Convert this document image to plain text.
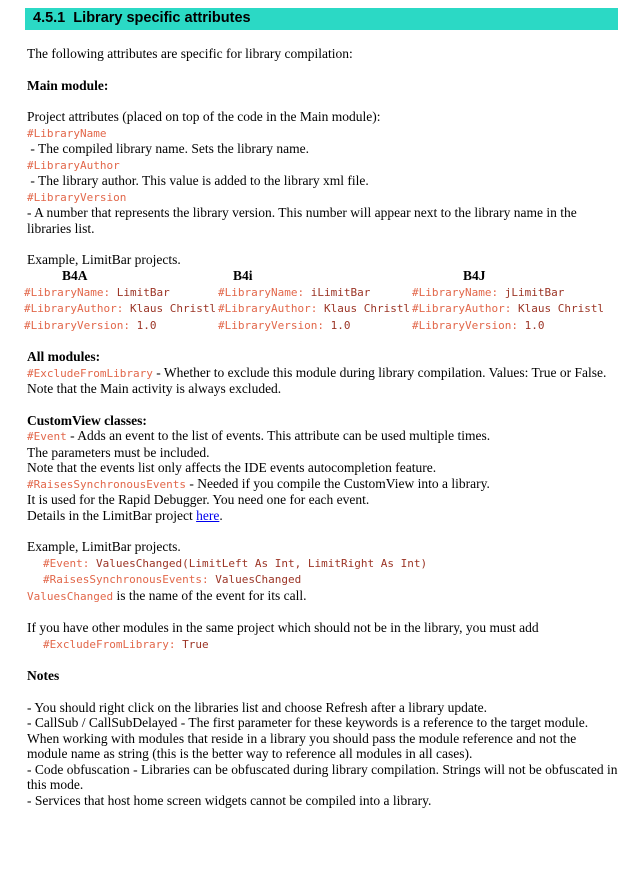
4.5.1  Library specific attributes

The following attributes are specific for library compilation:

Main module:

Project attributes (placed on top of the code in the Main module):

#LibraryName

- The compiled library name. Sets the library name.

#LibraryAuthor

- The library author. This value is added to the library xml file.

#LibraryVersion

- A number that represents the library version. This number will appear next to the library name in the libraries list.

Example, LimitBar projects.

B4A

#LibraryName: LimitBar

#LibraryAuthor: Klaus Christl

#LibraryVersion: 1.0

B4i

#LibraryName: iLimitBar

#LibraryAuthor: Klaus Christl

#LibraryVersion: 1.0

B4J

#LibraryName: jLimitBar

#LibraryAuthor: Klaus Christl

#LibraryVersion: 1.0

All modules:

#ExcludeFromLibrary - Whether to exclude this module during library compilation. Values: True or False. Note that the Main activity is always excluded.

CustomView classes:

#Event - Adds an event to the list of events. This attribute can be used multiple times.

The parameters must be included.

Note that the events list only affects the IDE events autocompletion feature.

#RaisesSynchronousEvents - Needed if you compile the CustomView into a library.

It is used for the Rapid Debugger. You need one for each event.

Details in the LimitBar project here.

Example, LimitBar projects.

#Event: ValuesChanged(LimitLeft As Int, LimitRight As Int)

#RaisesSynchronousEvents: ValuesChanged

ValuesChanged is the name of the event for its call.

If you have other modules in the same project which should not be in the library, you must add

#ExcludeFromLibrary: True

Notes

- You should right click on the libraries list and choose Refresh after a library update.

- CallSub / CallSubDelayed - The first parameter for these keywords is a reference to the target module. When working with modules that reside in a library you should pass the module reference and not the module name as string (this is the better way to reference all modules in all cases).

- Code obfuscation - Libraries can be obfuscated during library compilation. Strings will not be obfuscated in this mode.

- Services that host home screen widgets cannot be compiled into a library.
